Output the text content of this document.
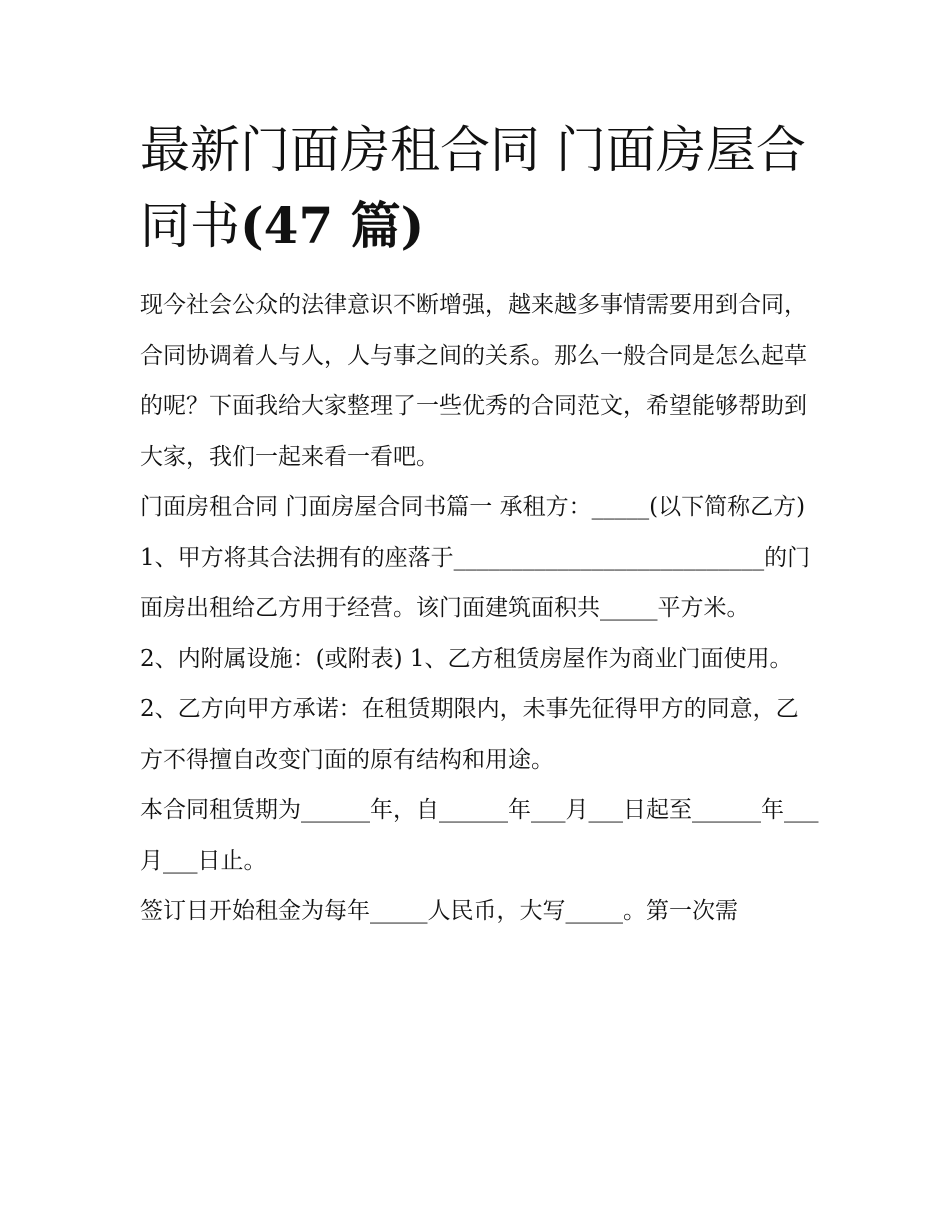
最新门面房租合同 门面房屋合同书(47 篇)

现今社会公众的法律意识不断增强，越来越多事情需要用到合同，合同协调着人与人，人与事之间的关系。那么一般合同是怎么起草的呢？下面我给大家整理了一些优秀的合同范文，希望能够帮助到大家，我们一起来看一看吧。

门面房租合同 门面房屋合同书篇一 承租方：_____(以下简称乙方)

1、甲方将其合法拥有的座落于___________________________的门面房出租给乙方用于经营。该门面建筑面积共_____平方米。

2、内附属设施：(或附表) 1、乙方租赁房屋作为商业门面使用。

2、乙方向甲方承诺：在租赁期限内，未事先征得甲方的同意，乙方不得擅自改变门面的原有结构和用途。

本合同租赁期为______年，自______年___月___日起至______年___月___日止。

签订日开始租金为每年_____人民币，大写_____。第一次需
